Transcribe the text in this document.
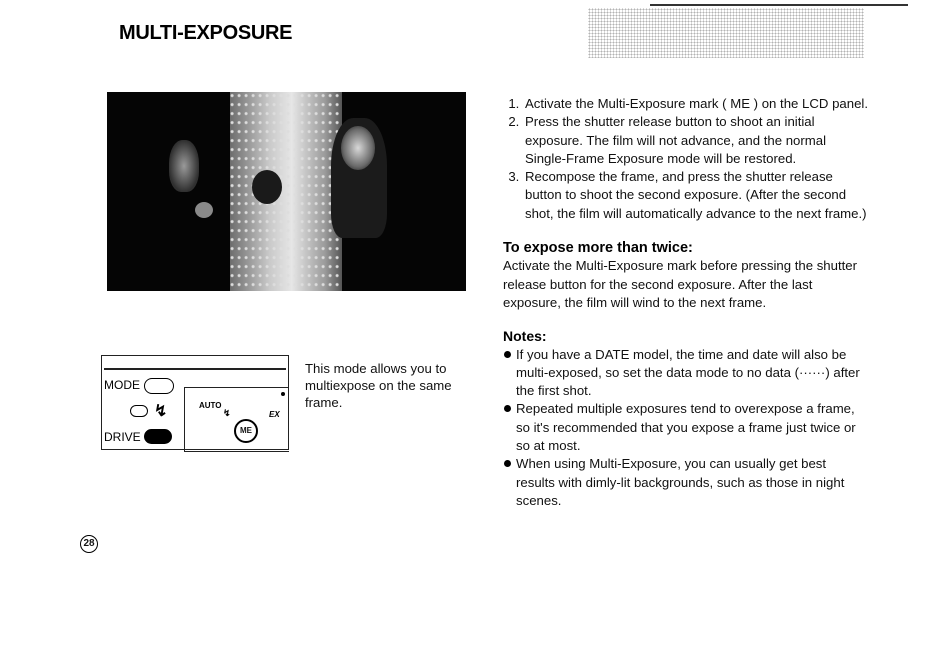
MULTI-EXPOSURE
MODE
↯
DRIVE
AUTO
↯	EX
ME
This mode allows you to multiexpose on the same frame.
28
1. Activate the Multi-Exposure mark ( ME ) on the LCD panel.
2. Press the shutter release button to shoot an initial exposure. The film will not advance, and the normal Single-Frame Exposure mode will be restored.
3. Recompose the frame, and press the shutter release button to shoot the second exposure. (After the second shot, the film will automatically advance to the next frame.)
To expose more than twice:

Activate the Multi-Exposure mark before pressing the shutter release button for the second exposure. After the last exposure, the film will wind to the next frame.

Notes:
If you have a DATE model, the time and date will also be multi-exposed, so set the data mode to no data (······) after the first shot.
Repeated multiple exposures tend to overexpose a frame, so it's recommended that you expose a frame just twice or so at most.
When using Multi-Exposure, you can usually get best results with dimly-lit backgrounds, such as those in night scenes.
